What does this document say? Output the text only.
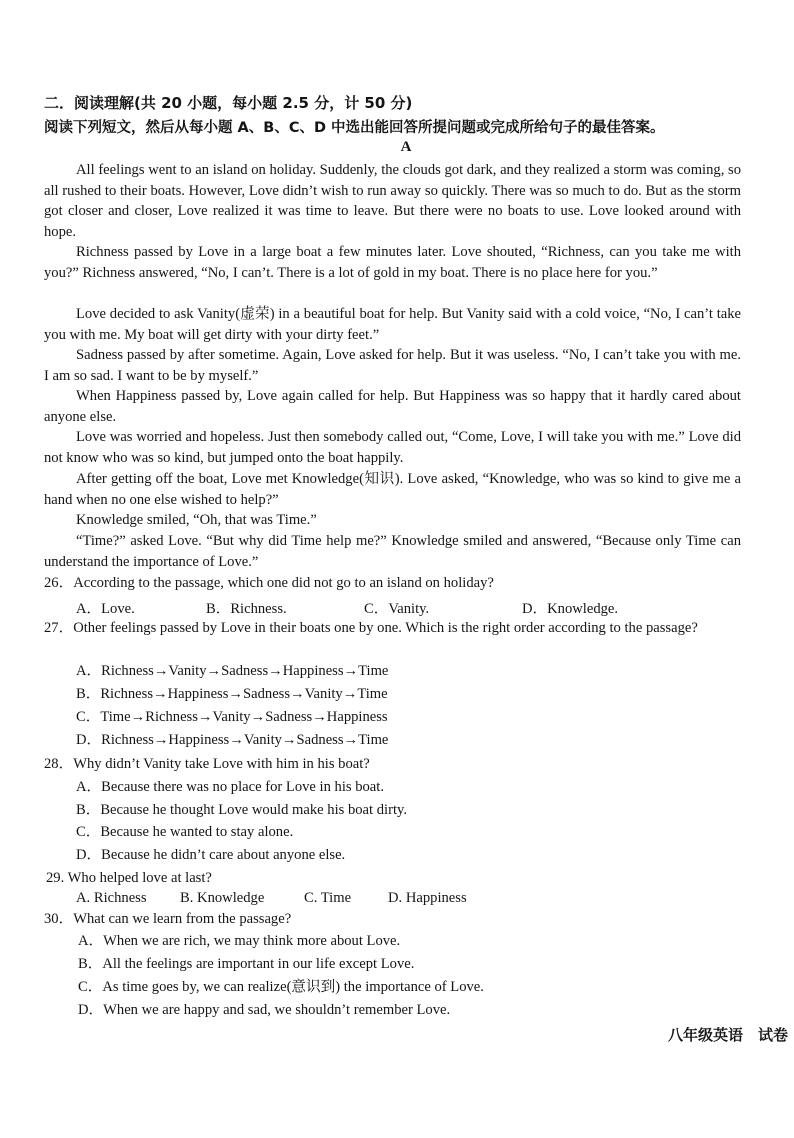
二．阅读理解(共 20 小题，每小题 2.5 分，计 50 分)
阅读下列短文，然后从每小题 A、B、C、D 中选出能回答所提问题或完成所给句子的最佳答案。
A
All feelings went to an island on holiday. Suddenly, the clouds got dark, and they realized a storm was coming, so all rushed to their boats. However, Love didn’t wish to run away so quickly. There was so much to do. But as the storm got closer and closer, Love realized it was time to leave. But there were no boats to use. Love looked around with hope.
Richness passed by Love in a large boat a few minutes later. Love shouted, “Richness, can you take me with you?” Richness answered, “No, I can’t. There is a lot of gold in my boat. There is no place here for you.”
Love decided to ask Vanity(虚荣) in a beautiful boat for help. But Vanity said with a cold voice, “No, I can’t take you with me. My boat will get dirty with your dirty feet.”
Sadness passed by after sometime. Again, Love asked for help. But it was useless. “No, I can’t take you with me. I am so sad. I want to be by myself.”
When Happiness passed by, Love again called for help. But Happiness was so happy that it hardly cared about anyone else.
Love was worried and hopeless. Just then somebody called out, “Come, Love, I will take you with me.” Love did not know who was so kind, but jumped onto the boat happily.
After getting off the boat, Love met Knowledge(知识). Love asked, “Knowledge, who was so kind to give me a hand when no one else wished to help?”
Knowledge smiled, “Oh, that was Time.”
“Time?” asked Love. “But why did Time help me?” Knowledge smiled and answered, “Because only Time can understand the importance of Love.”
26．According to the passage, which one did not go to an island on holiday?
A．Love.	B．Richness.	C．Vanity.	D．Knowledge.
27．Other feelings passed by Love in their boats one by one. Which is the right order according to the passage?
A．Richness→Vanity→Sadness→Happiness→Time
B．Richness→Happiness→Sadness→Vanity→Time
C．Time→Richness→Vanity→Sadness→Happiness
D．Richness→Happiness→Vanity→Sadness→Time
28．Why didn’t Vanity take Love with him in his boat?
A．Because there was no place for Love in his boat.
B．Because he thought Love would make his boat dirty.
C．Because he wanted to stay alone.
D．Because he didn’t care about anyone else.
29. Who helped love at last?
A. Richness B. Knowledge	C. Time	D. Happiness
30．What can we learn from the passage?
A．When we are rich, we may think more about Love.
B．All the feelings are important in our life except Love.
C．As time goes by, we can realize(意识到) the importance of Love.
D．When we are happy and sad, we shouldn’t remember Love.
八年级英语　试卷
